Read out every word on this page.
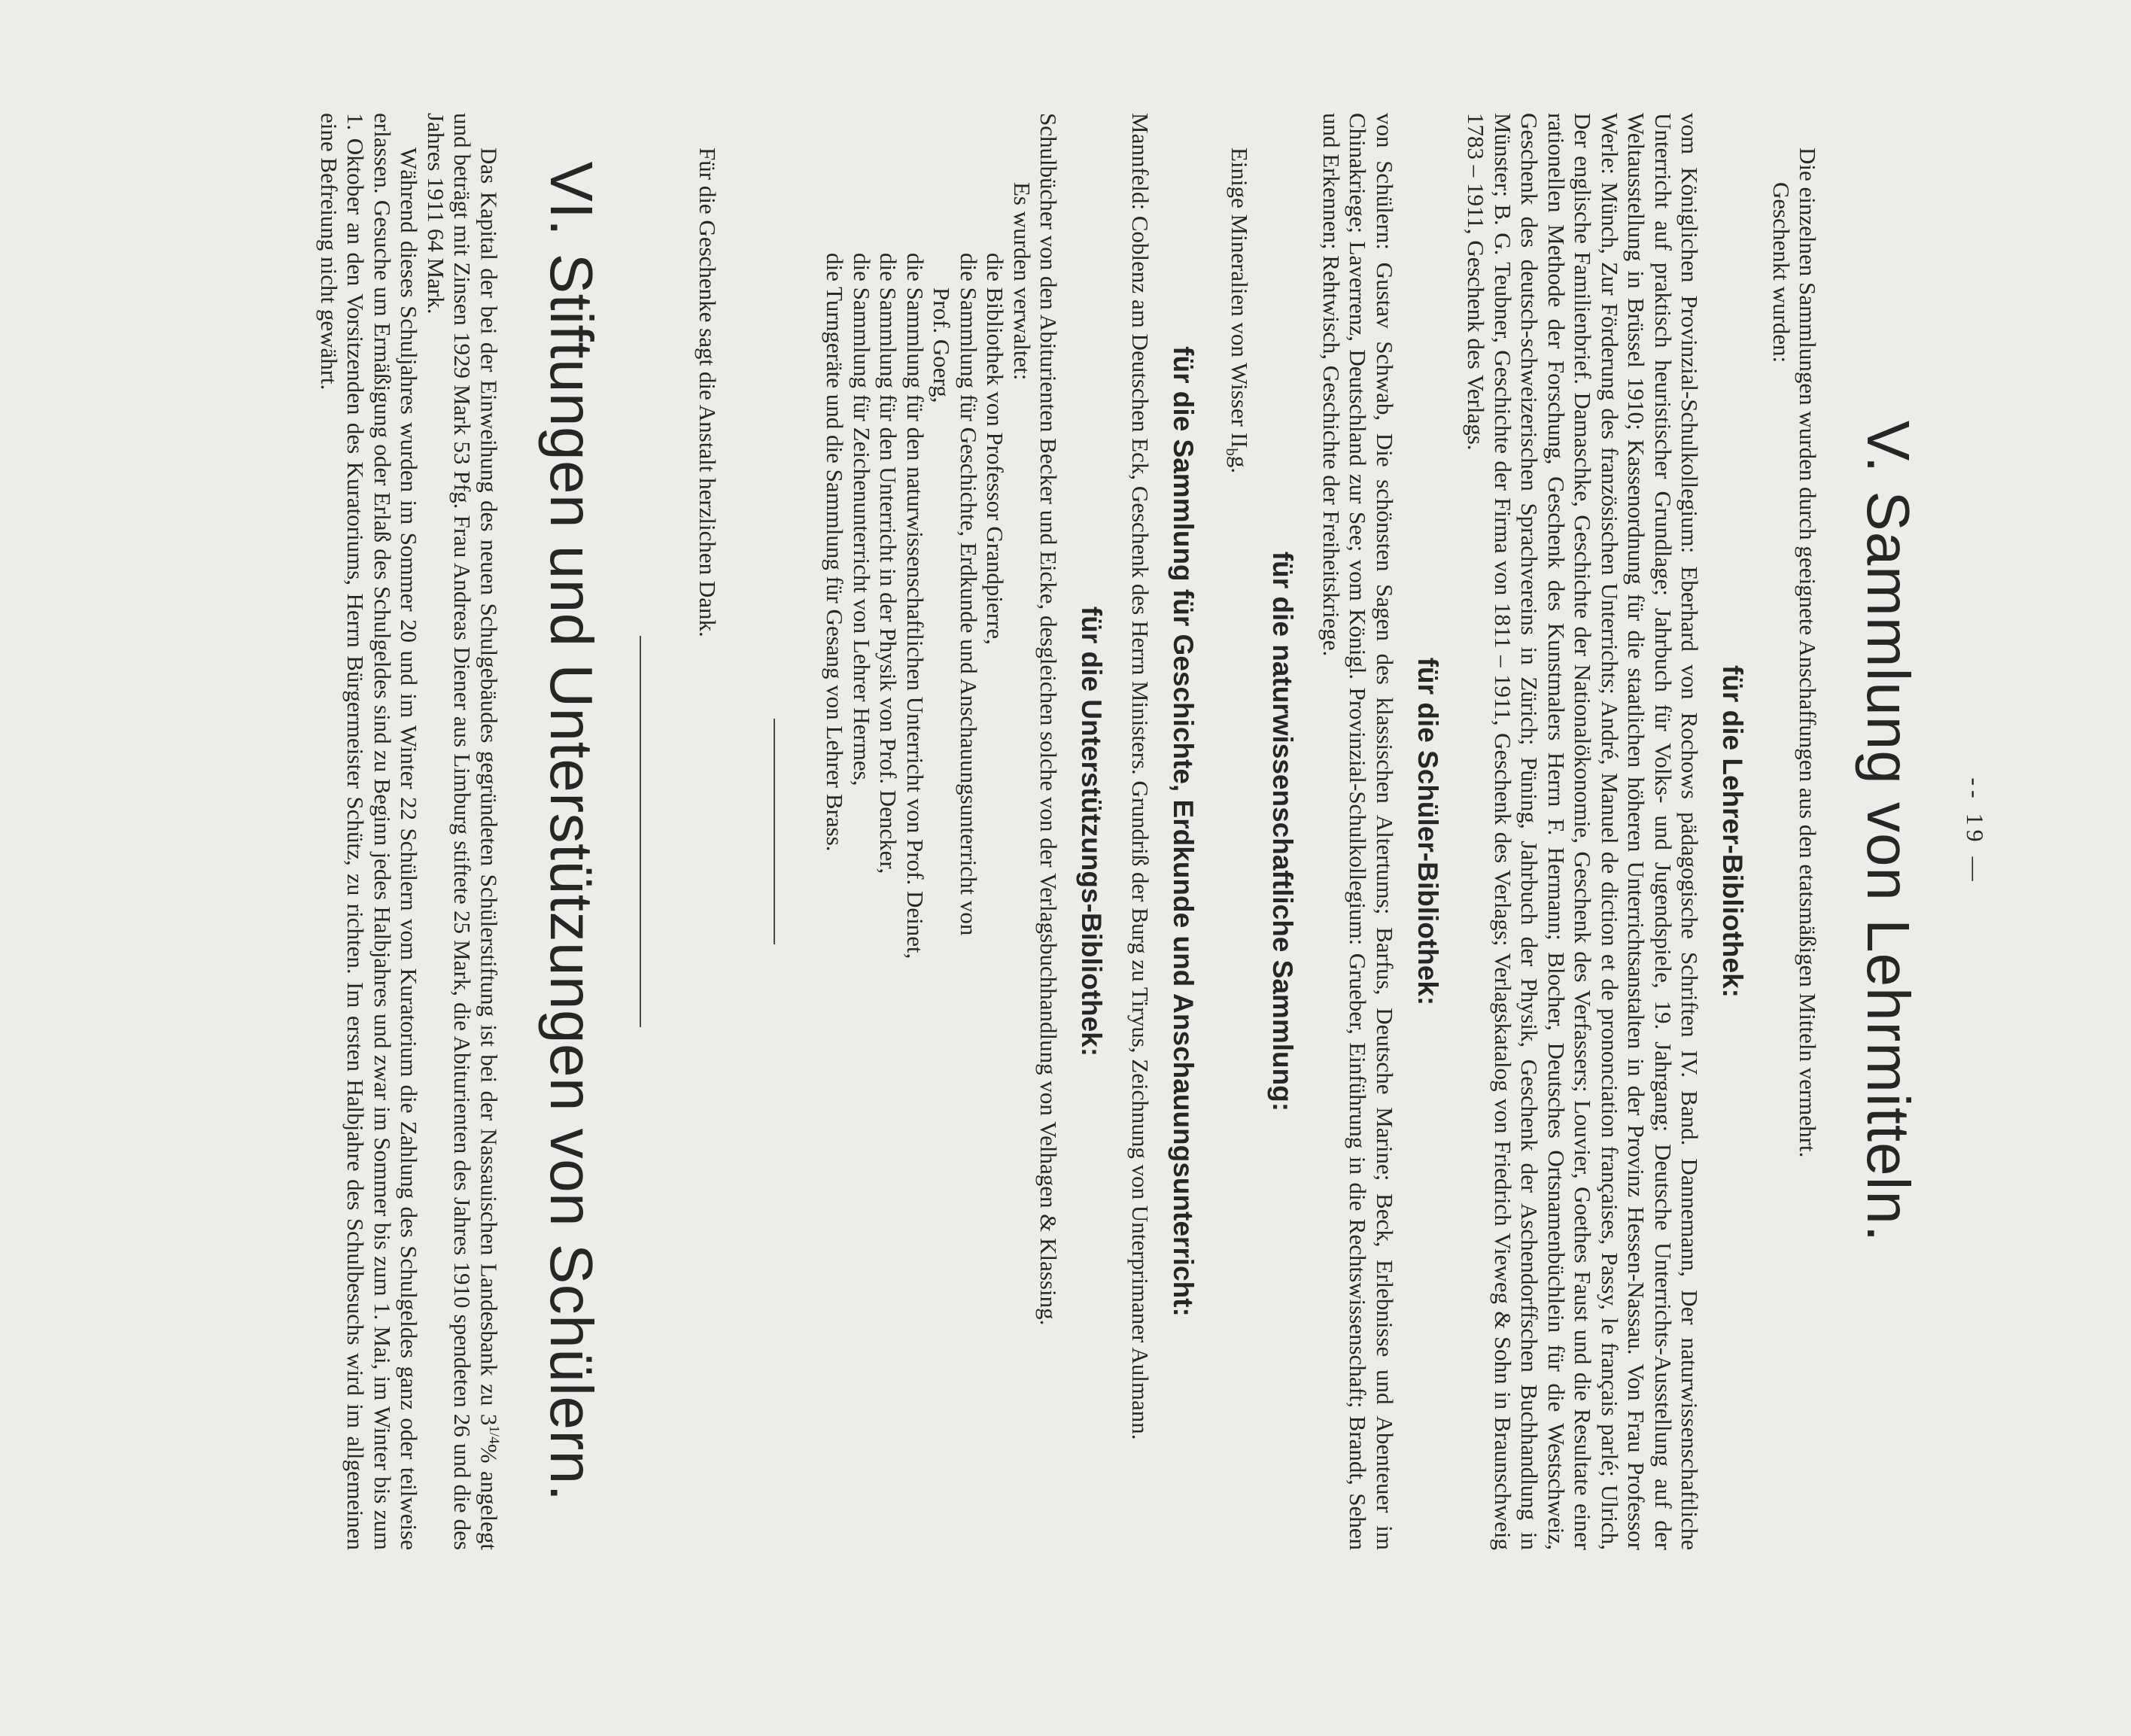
-- 19 —
V. Sammlung von Lehrmitteln.

Die einzelnen Sammlungen wurden durch geeignete Anschaffungen aus den etatsmäßigen Mitteln vermehrt.

Geschenkt wurden:

für die Lehrer-Bibliothek:

vom Königlichen Provinzial-Schulkollegium: Eberhard von Rochows pädagogische Schriften IV. Band. Dannemann, Der naturwissenschaftliche Unterricht auf praktisch heuristischer Grundlage; Jahrbuch für Volks- und Jugendspiele, 19. Jahrgang; Deutsche Unterrichts-Ausstellung auf der Weltausstellung in Brüssel 1910; Kassenordnung für die staatlichen höheren Unterrichtsanstalten in der Provinz Hessen-Nassau. Von Frau Professor Werle: Münch, Zur Förderung des französischen Unterrichts; André, Manuel de diction et de prononciation françaises, Passy, le français parlé; Ulrich, Der englische Familienbrief. Damaschke, Geschichte der Nationalökonomie, Geschenk des Verfassers; Louvier, Goethes Faust und die Resultate einer rationellen Methode der Forschung, Geschenk des Kunstmalers Herrn F. Hermann; Blocher, Deutsches Ortsnamenbüchlein für die Westschweiz, Geschenk des deutsch-schweizerischen Sprachvereins in Zürich; Püning, Jahrbuch der Physik, Geschenk der Aschendorffschen Buchhandlung in Münster; B. G. Teubner, Geschichte der Firma von 1811 – 1911, Geschenk des Verlags; Verlagskatalog von Friedrich Vieweg & Sohn in Braunschweig 1783 – 1911, Geschenk des Verlags.

für die Schüler-Bibliothek:

von Schülern: Gustav Schwab, Die schönsten Sagen des klassischen Altertums; Barfus, Deutsche Marine; Beck, Erlebnisse und Abenteuer im Chinakriege; Laverrenz, Deutschland zur See; vom Königl. Provinzial-Schulkollegium: Grueber, Einführung in die Rechtswissenschaft; Brandt, Sehen und Erkennen; Rehtwisch, Geschichte der Freiheitskriege.

für die naturwissenschaftliche Sammlung:

Einige Mineralien von Wisser $II_bg$.

für die Sammlung für Geschichte, Erdkunde und Anschauungsunterricht:

Mannfeld: Coblenz am Deutschen Eck, Geschenk des Herrn Ministers. Grundriß der Burg zu Tiryus, Zeichnung von Unterprimaner Aulmann.

für die Unterstützungs-Bibliothek:

Schulbücher von den Abiturienten Becker und Eicke, desgleichen solche von der Verlagsbuchhandlung von Velhagen & Klassing.

Es wurden verwaltet:

die Bibliothek von Professor Grandpierre,
die Sammlung für Geschichte, Erdkunde und Anschauungsunterricht von
Prof. Goerg,
die Sammlung für den naturwissenschaftlichen Unterricht von Prof. Deinet,
die Sammlung für den Unterricht in der Physik von Prof. Dencker,
die Sammlung für Zeichenunterricht von Lehrer Hermes,
die Turngeräte und die Sammlung für Gesang von Lehrer Brass.

Für die Geschenke sagt die Anstalt herzlichen Dank.

VI. Stiftungen und Unterstützungen von Schülern.

Das Kapital der bei der Einweihung des neuen Schulgebäudes gegründeten Schülerstiftung ist bei der Nassauischen Landesbank zu $3^{1/4}\%$ angelegt und beträgt mit Zinsen 1929 Mark 53 Pfg. Frau Andreas Diener aus Limburg stiftete 25 Mark, die Abiturienten des Jahres 1910 spendeten 26 und die des Jahres 1911 64 Mark.

Während dieses Schuljahres wurden im Sommer 20 und im Winter 22 Schülern vom Kuratorium die Zahlung des Schulgeldes ganz oder teilweise erlassen. Gesuche um Ermäßigung oder Erlaß des Schulgeldes sind zu Beginn jedes Halbjahres und zwar im Sommer bis zum 1. Mai, im Winter bis zum 1. Oktober an den Vorsitzenden des Kuratoriums, Herrn Bürgermeister Schütz, zu richten. Im ersten Halbjahre des Schulbesuchs wird im allgemeinen eine Befreiung nicht gewährt.
